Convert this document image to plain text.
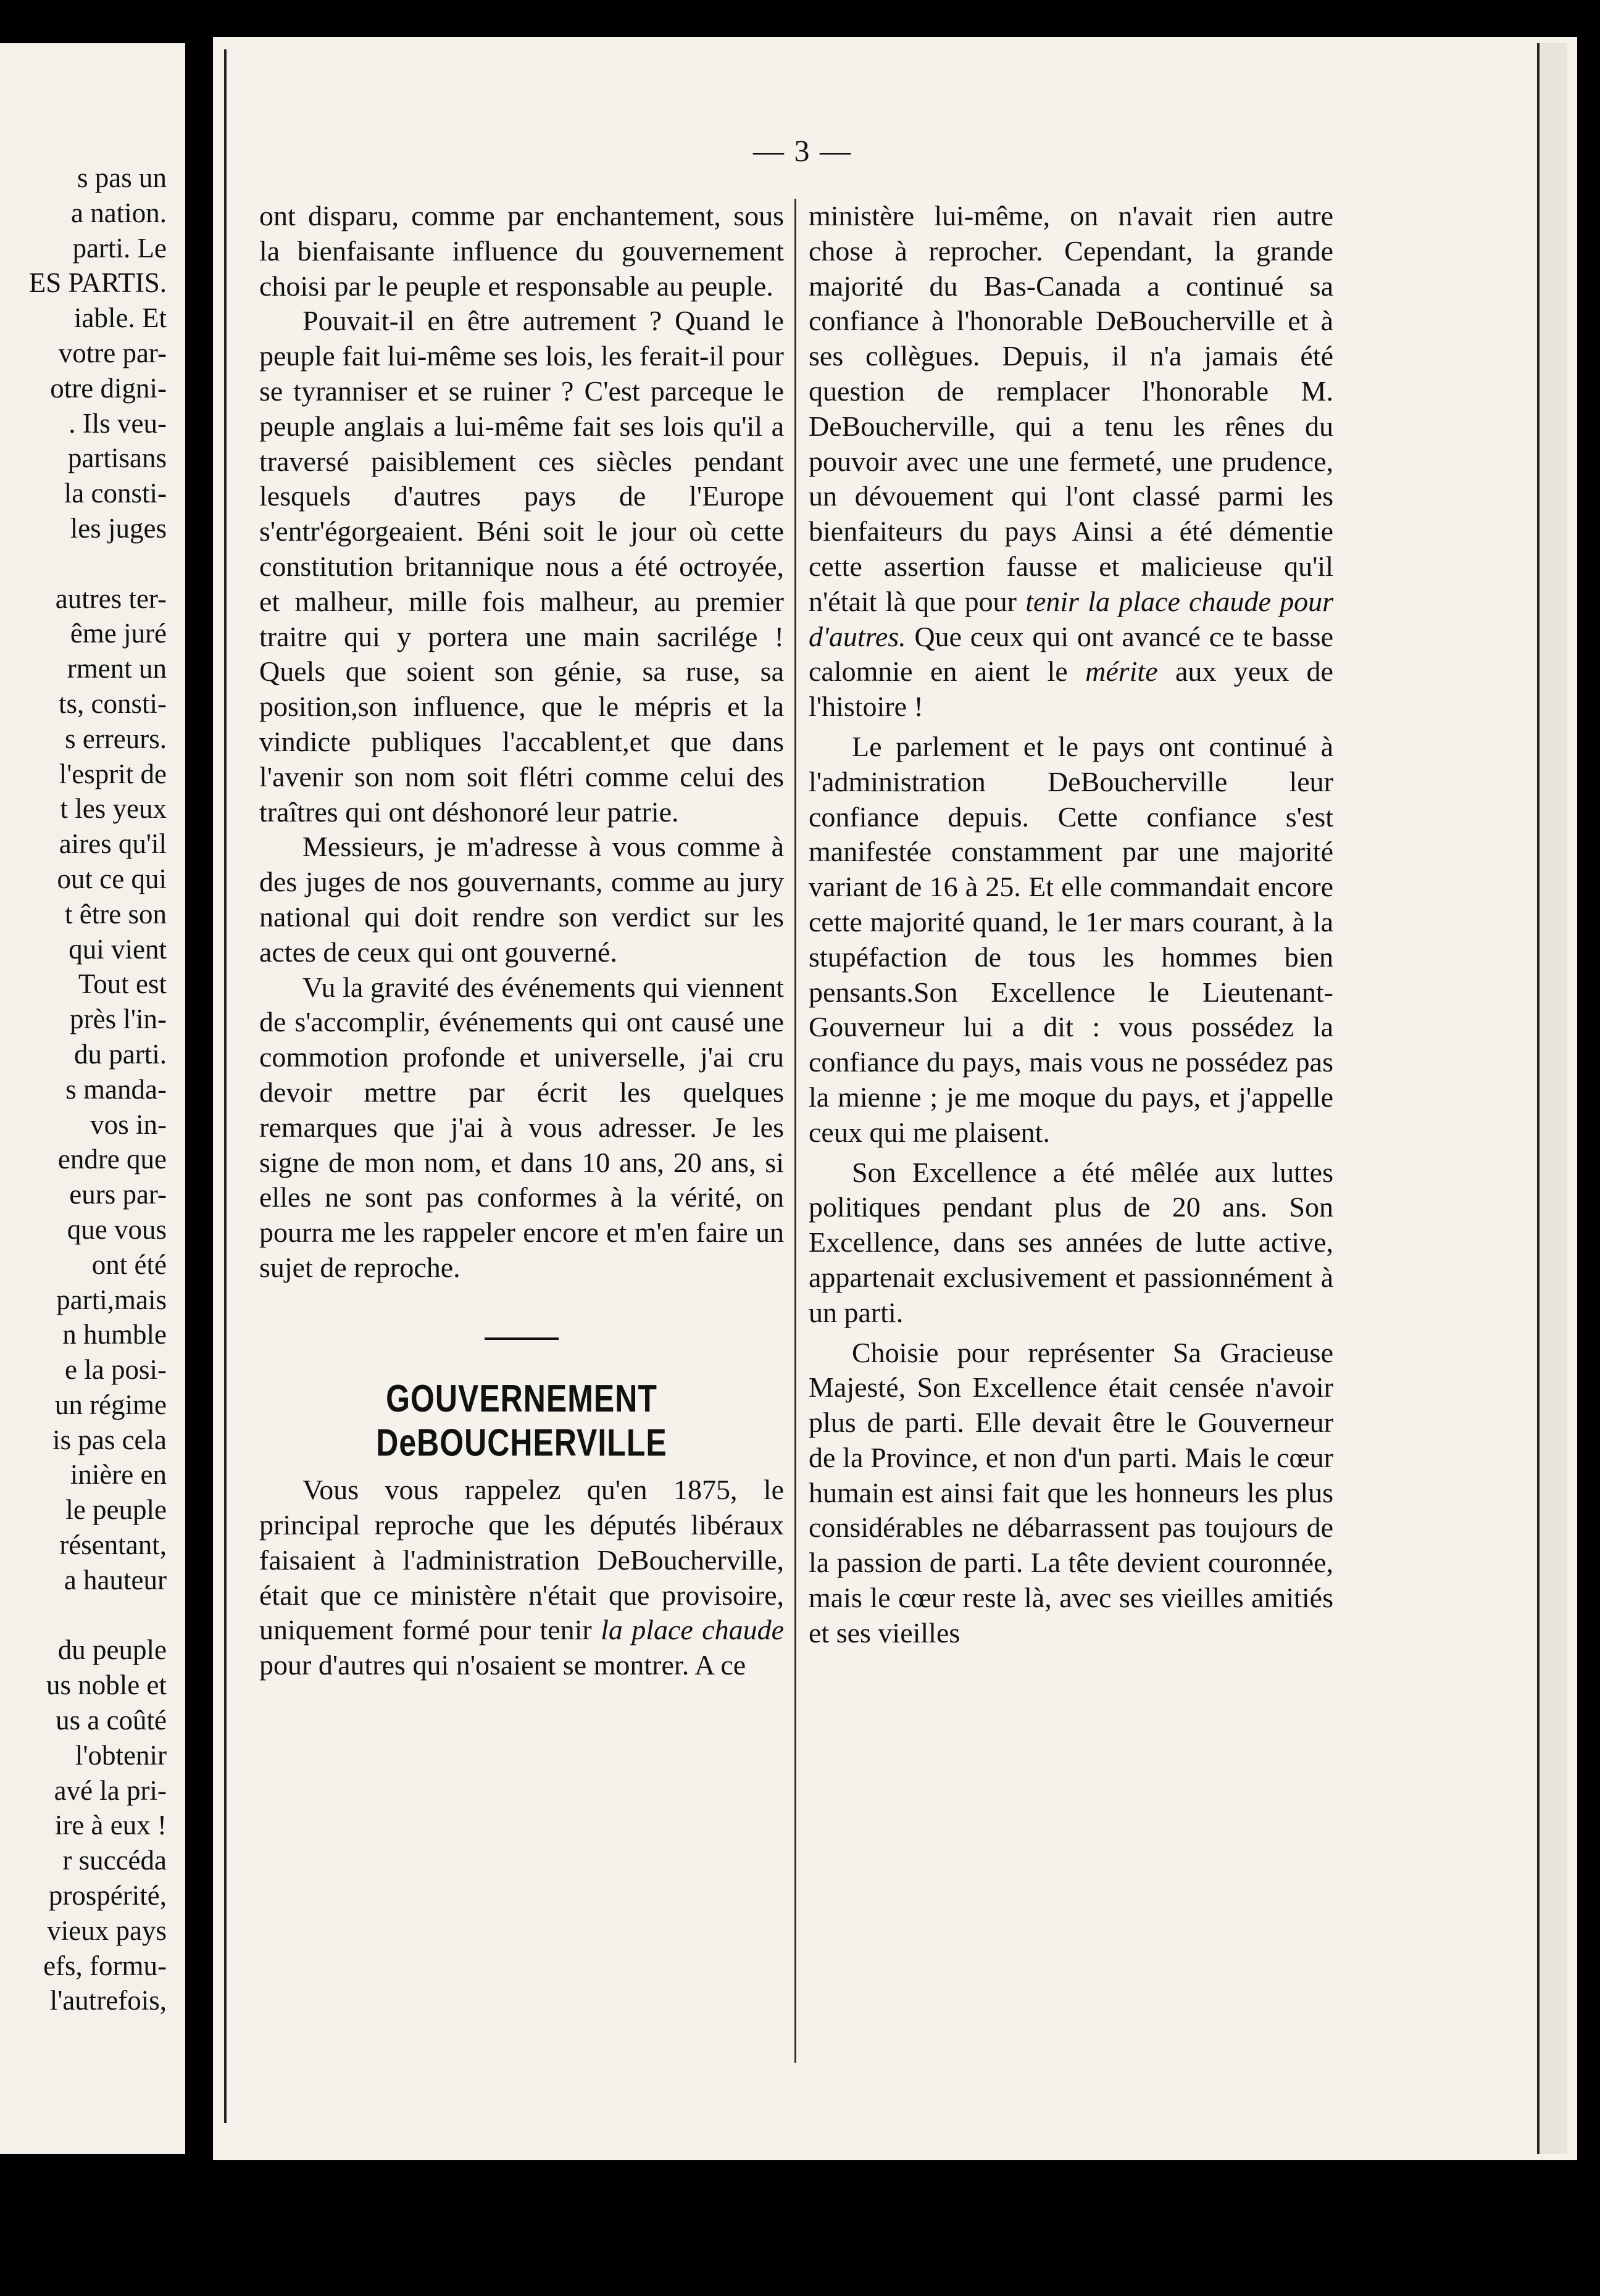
s pas un
a nation.
parti. Le
ES PARTIS.
iable. Et
votre par-
otre digni-
. Ils veu-
partisans
la consti-
les juges
autres ter-
ême juré
rment un
ts, consti-
s erreurs.
l'esprit de
t les yeux
aires qu'il
out ce qui
t être son
qui vient
Tout est
près l'in-
du parti.
s manda-
vos in-
endre que
eurs par-
que vous
ont été
parti,mais
n humble
e la posi-
un régime
is pas cela
inière en
le peuple
résentant,
a hauteur
du peuple
us noble et
us a coûté
l'obtenir
avé la pri-
ire à eux !
r succéda
prospérité,
vieux pays
efs, formu-
l'autrefois,
— 3 —

ont disparu, comme par enchantement, sous la bienfaisante influence du gouvernement choisi par le peuple et responsable au peuple.

Pouvait-il en être autrement ? Quand le peuple fait lui-même ses lois, les ferait-il pour se tyranniser et se ruiner ? C'est parceque le peuple anglais a lui-même fait ses lois qu'il a traversé paisiblement ces siècles pendant lesquels d'autres pays de l'Europe s'entr'égorgeaient. Béni soit le jour où cette constitution britannique nous a été octroyée, et malheur, mille fois malheur, au premier traitre qui y portera une main sacrilége ! Quels que soient son génie, sa ruse, sa position,son influence, que le mépris et la vindicte publiques l'accablent,et que dans l'avenir son nom soit flétri comme celui des traîtres qui ont déshonoré leur patrie.

Messieurs, je m'adresse à vous comme à des juges de nos gouvernants, comme au jury national qui doit rendre son verdict sur les actes de ceux qui ont gouverné.

Vu la gravité des événements qui viennent de s'accomplir, événements qui ont causé une commotion profonde et universelle, j'ai cru devoir mettre par écrit les quelques remarques que j'ai à vous adresser. Je les signe de mon nom, et dans 10 ans, 20 ans, si elles ne sont pas conformes à la vérité, on pourra me les rappeler encore et m'en faire un sujet de reproche.

GOUVERNEMENT DeBOUCHERVILLE

Vous vous rappelez qu'en 1875, le principal reproche que les députés libéraux faisaient à l'administration DeBoucherville, était que ce ministère n'était que provisoire, uniquement formé pour tenir la place chaude pour d'autres qui n'osaient se montrer. A ce

ministère lui-même, on n'avait rien autre chose à reprocher. Cependant, la grande majorité du Bas-Canada a continué sa confiance à l'honorable DeBoucherville et à ses collègues. Depuis, il n'a jamais été question de remplacer l'honorable M. DeBoucherville, qui a tenu les rênes du pouvoir avec une une fermeté, une prudence, un dévouement qui l'ont classé parmi les bienfaiteurs du pays Ainsi a été démentie cette assertion fausse et malicieuse qu'il n'était là que pour tenir la place chaude pour d'autres. Que ceux qui ont avancé ce te basse calomnie en aient le mérite aux yeux de l'histoire !

Le parlement et le pays ont continué à l'administration DeBoucherville leur confiance depuis. Cette confiance s'est manifestée constamment par une majorité variant de 16 à 25. Et elle commandait encore cette majorité quand, le 1er mars courant, à la stupéfaction de tous les hommes bien pensants.Son Excellence le Lieutenant-Gouverneur lui a dit : vous possédez la confiance du pays, mais vous ne possédez pas la mienne ; je me moque du pays, et j'appelle ceux qui me plaisent.

Son Excellence a été mêlée aux luttes politiques pendant plus de 20 ans. Son Excellence, dans ses années de lutte active, appartenait exclusivement et passionnément à un parti.

Choisie pour représenter Sa Gracieuse Majesté, Son Excellence était censée n'avoir plus de parti. Elle devait être le Gouverneur de la Province, et non d'un parti. Mais le cœur humain est ainsi fait que les honneurs les plus considérables ne débarrassent pas toujours de la passion de parti. La tête devient couronnée, mais le cœur reste là, avec ses vieilles amitiés et ses vieilles
